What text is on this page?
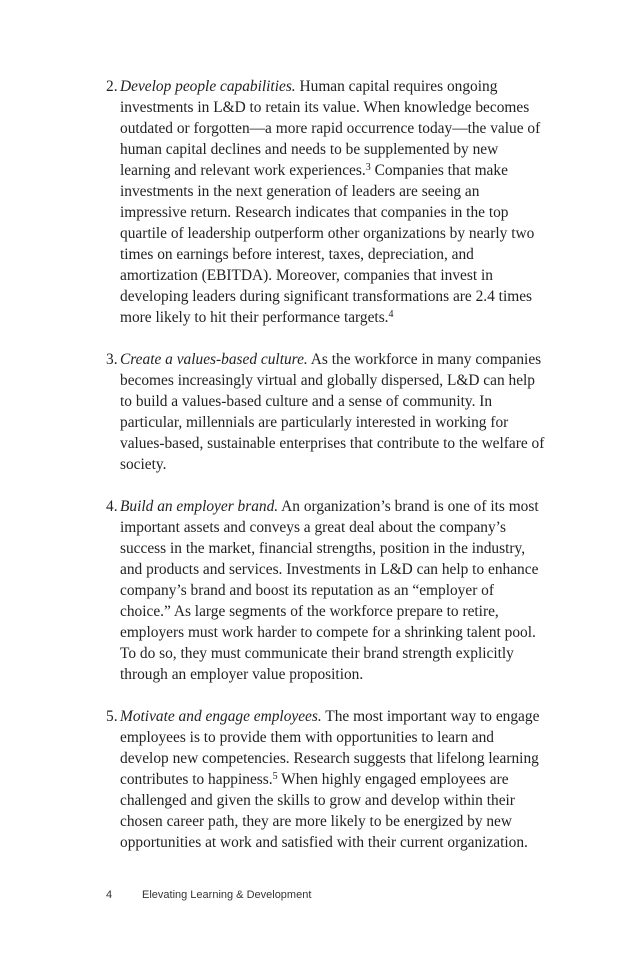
2. Develop people capabilities. Human capital requires ongoing investments in L&D to retain its value. When knowledge becomes outdated or forgotten—a more rapid occurrence today—the value of human capital declines and needs to be supplemented by new learning and relevant work experiences.$^3$ Companies that make investments in the next generation of leaders are seeing an impressive return. Research indicates that companies in the top quartile of leadership outperform other organizations by nearly two times on earnings before interest, taxes, depreciation, and amortization (EBITDA). Moreover, companies that invest in developing leaders during significant transformations are 2.4 times more likely to hit their performance targets.$^4$

3. Create a values-based culture. As the workforce in many companies becomes increasingly virtual and globally dispersed, L&D can help to build a values-based culture and a sense of community. In particular, millennials are particularly interested in working for values-based, sustainable enterprises that contribute to the welfare of society.

4. Build an employer brand. An organization’s brand is one of its most important assets and conveys a great deal about the company’s success in the market, financial strengths, position in the industry, and products and services. Investments in L&D can help to enhance company’s brand and boost its reputation as an “employer of choice.” As large segments of the workforce prepare to retire, employers must work harder to compete for a shrinking talent pool. To do so, they must communicate their brand strength explicitly through an employer value proposition.

5. Motivate and engage employees. The most important way to engage employees is to provide them with opportunities to learn and develop new competencies. Research suggests that lifelong learning contributes to happiness.$^5$ When highly engaged employees are challenged and given the skills to grow and develop within their chosen career path, they are more likely to be energized by new opportunities at work and satisfied with their current organization.

4	Elevating Learning & Development
